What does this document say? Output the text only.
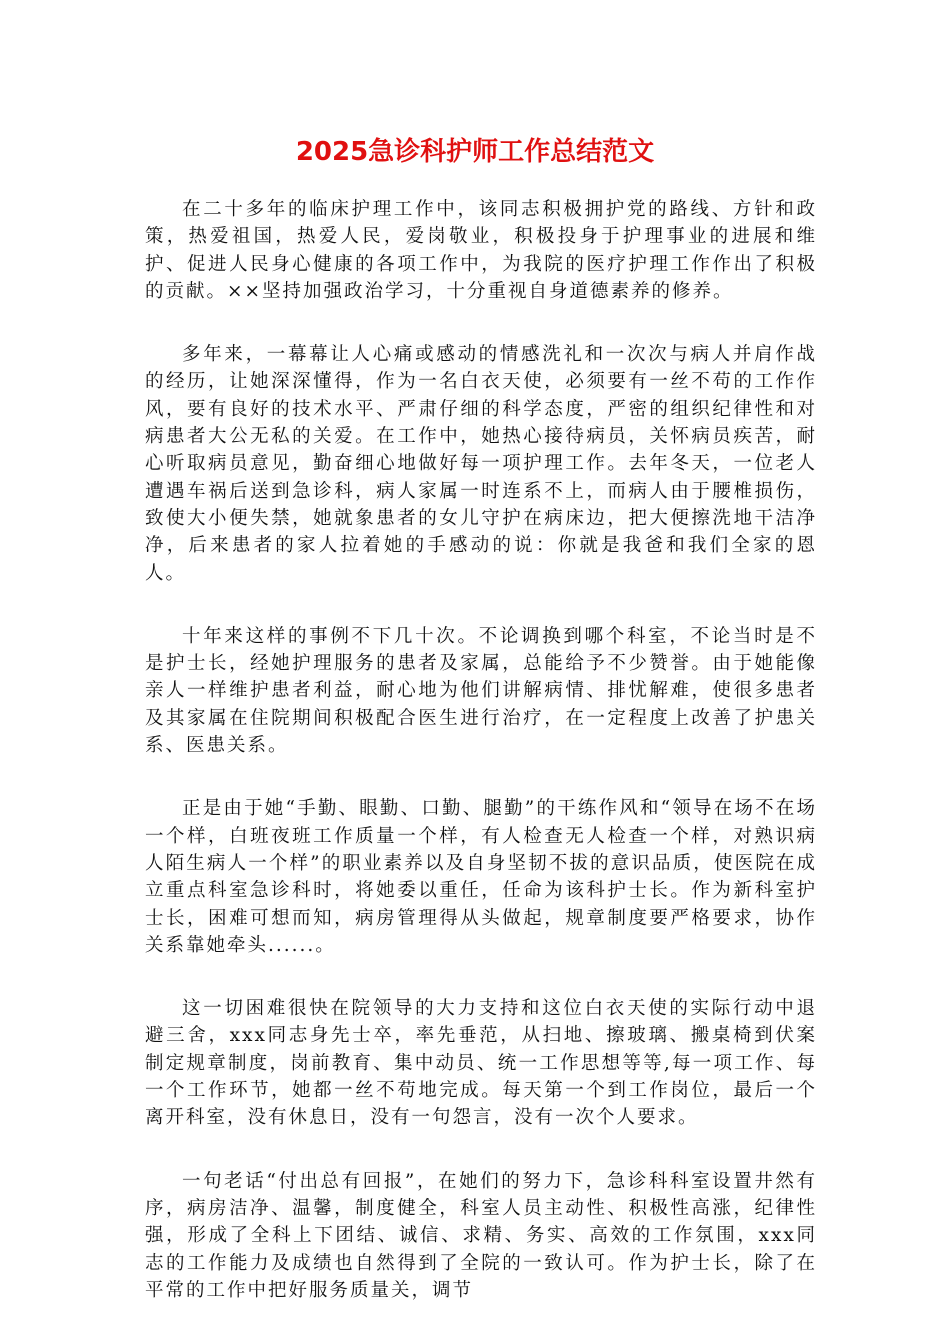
2025急诊科护师工作总结范文

在二十多年的临床护理工作中，该同志积极拥护党的路线、方针和政策，热爱祖国，热爱人民，爱岗敬业，积极投身于护理事业的进展和维护、促进人民身心健康的各项工作中，为我院的医疗护理工作作出了积极的贡献。××坚持加强政治学习，十分重视自身道德素养的修养。

多年来，一幕幕让人心痛或感动的情感洗礼和一次次与病人并肩作战的经历，让她深深懂得，作为一名白衣天使，必须要有一丝不苟的工作作风，要有良好的技术水平、严肃仔细的科学态度，严密的组织纪律性和对病患者大公无私的关爱。在工作中，她热心接待病员，关怀病员疾苦，耐心听取病员意见，勤奋细心地做好每一项护理工作。去年冬天，一位老人遭遇车祸后送到急诊科，病人家属一时连系不上，而病人由于腰椎损伤，致使大小便失禁，她就象患者的女儿守护在病床边，把大便擦洗地干洁净净，后来患者的家人拉着她的手感动的说：你就是我爸和我们全家的恩人。

十年来这样的事例不下几十次。不论调换到哪个科室，不论当时是不是护士长，经她护理服务的患者及家属，总能给予不少赞誉。由于她能像亲人一样维护患者利益，耐心地为他们讲解病情、排忧解难，使很多患者及其家属在住院期间积极配合医生进行治疗，在一定程度上改善了护患关系、医患关系。

正是由于她“手勤、眼勤、口勤、腿勤”的干练作风和“领导在场不在场一个样，白班夜班工作质量一个样，有人检查无人检查一个样，对熟识病人陌生病人一个样”的职业素养以及自身坚韧不拔的意识品质，使医院在成立重点科室急诊科时，将她委以重任，任命为该科护士长。作为新科室护士长，困难可想而知，病房管理得从头做起，规章制度要严格要求，协作关系靠她牵头......。

这一切困难很快在院领导的大力支持和这位白衣天使的实际行动中退避三舍，xxx同志身先士卒，率先垂范，从扫地、擦玻璃、搬桌椅到伏案制定规章制度，岗前教育、集中动员、统一工作思想等等,每一项工作、每一个工作环节，她都一丝不苟地完成。每天第一个到工作岗位，最后一个离开科室，没有休息日，没有一句怨言，没有一次个人要求。

一句老话“付出总有回报”，在她们的努力下，急诊科科室设置井然有序，病房洁净、温馨，制度健全，科室人员主动性、积极性高涨，纪律性强，形成了全科上下团结、诚信、求精、务实、高效的工作氛围，xxx同志的工作能力及成绩也自然得到了全院的一致认可。作为护士长，除了在平常的工作中把好服务质量关，调节
